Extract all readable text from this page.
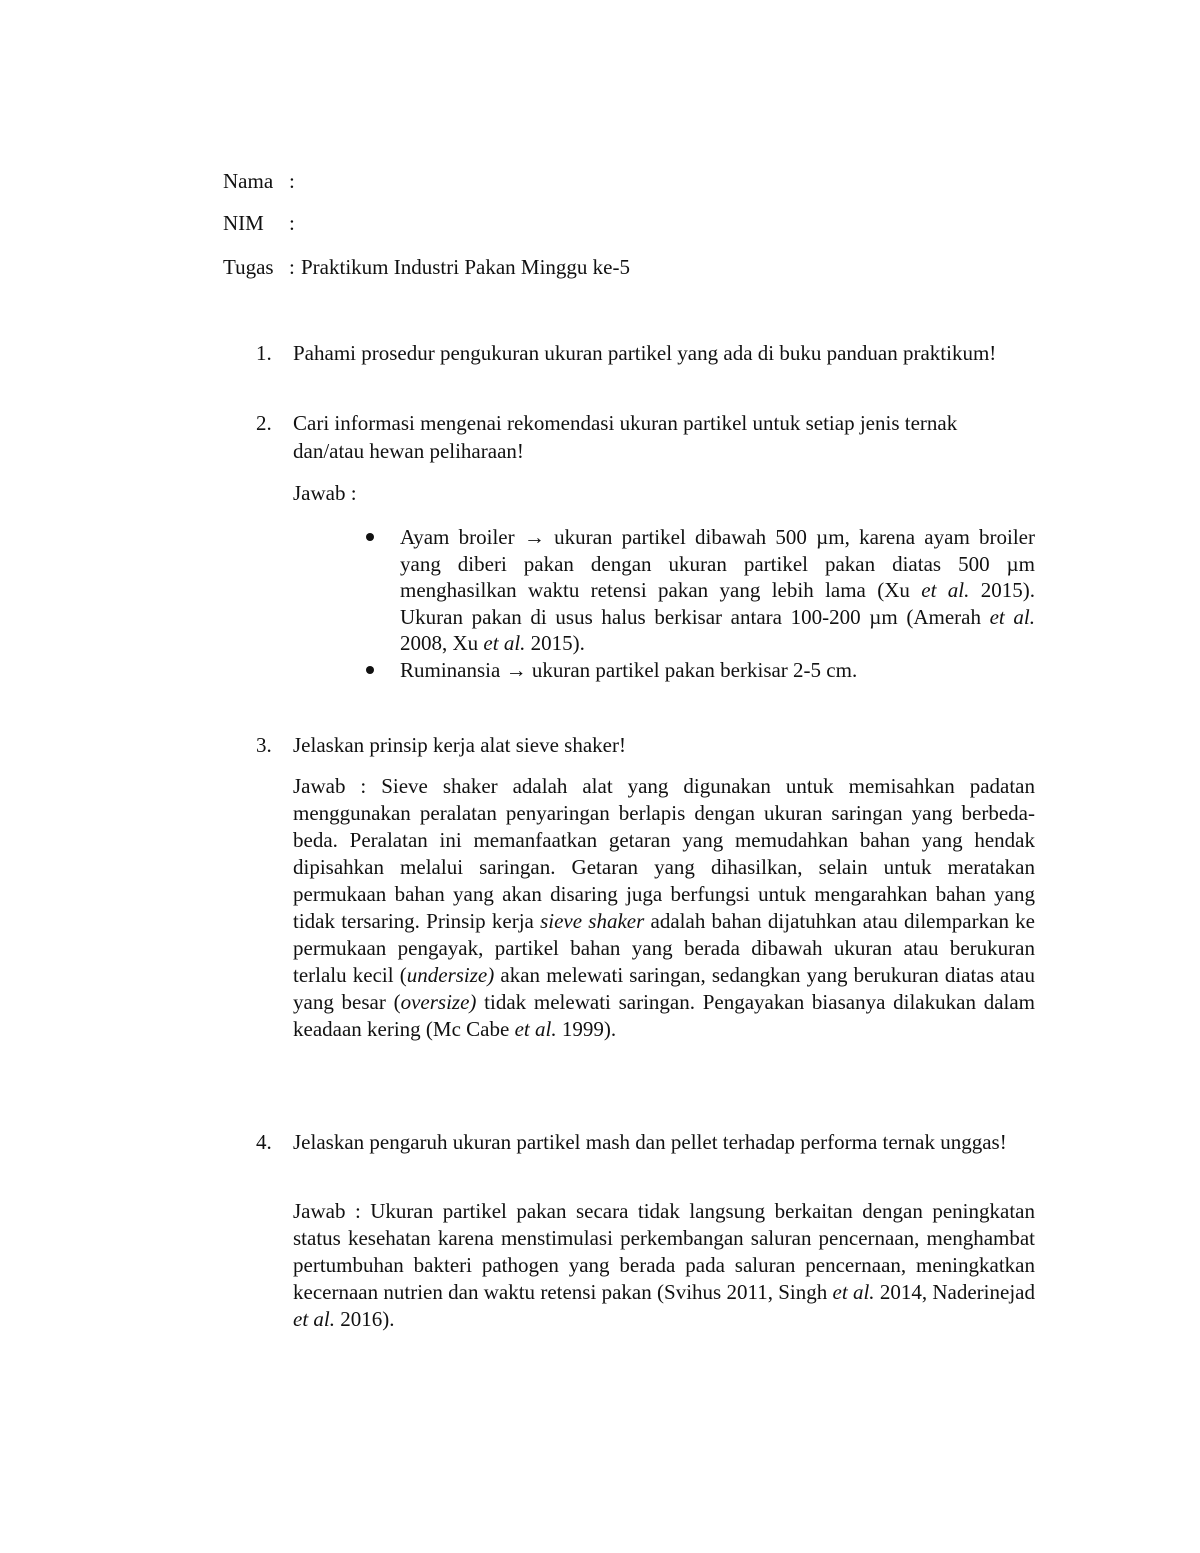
Nama :
NIM :
Tugas : Praktikum Industri Pakan Minggu ke-5
1. Pahami prosedur pengukuran ukuran partikel yang ada di buku panduan praktikum!
2. Cari informasi mengenai rekomendasi ukuran partikel untuk setiap jenis ternak dan/atau hewan peliharaan!
Jawab :
Ayam broiler → ukuran partikel dibawah 500 µm, karena ayam broiler yang diberi pakan dengan ukuran partikel pakan diatas 500 µm menghasilkan waktu retensi pakan yang lebih lama (Xu et al. 2015). Ukuran pakan di usus halus berkisar antara 100-200 µm (Amerah et al. 2008, Xu et al. 2015).
Ruminansia → ukuran partikel pakan berkisar 2-5 cm.
3. Jelaskan prinsip kerja alat sieve shaker!
Jawab : Sieve shaker adalah alat yang digunakan untuk memisahkan padatan menggunakan peralatan penyaringan berlapis dengan ukuran saringan yang berbeda-beda. Peralatan ini memanfaatkan getaran yang memudahkan bahan yang hendak dipisahkan melalui saringan. Getaran yang dihasilkan, selain untuk meratakan permukaan bahan yang akan disaring juga berfungsi untuk mengarahkan bahan yang tidak tersaring. Prinsip kerja sieve shaker adalah bahan dijatuhkan atau dilemparkan ke permukaan pengayak, partikel bahan yang berada dibawah ukuran atau berukuran terlalu kecil (undersize) akan melewati saringan, sedangkan yang berukuran diatas atau yang besar (oversize) tidak melewati saringan. Pengayakan biasanya dilakukan dalam keadaan kering (Mc Cabe et al. 1999).
4. Jelaskan pengaruh ukuran partikel mash dan pellet terhadap performa ternak unggas!
Jawab : Ukuran partikel pakan secara tidak langsung berkaitan dengan peningkatan status kesehatan karena menstimulasi perkembangan saluran pencernaan, menghambat pertumbuhan bakteri pathogen yang berada pada saluran pencernaan, meningkatkan kecernaan nutrien dan waktu retensi pakan (Svihus 2011, Singh et al. 2014, Naderinejad et al. 2016).
